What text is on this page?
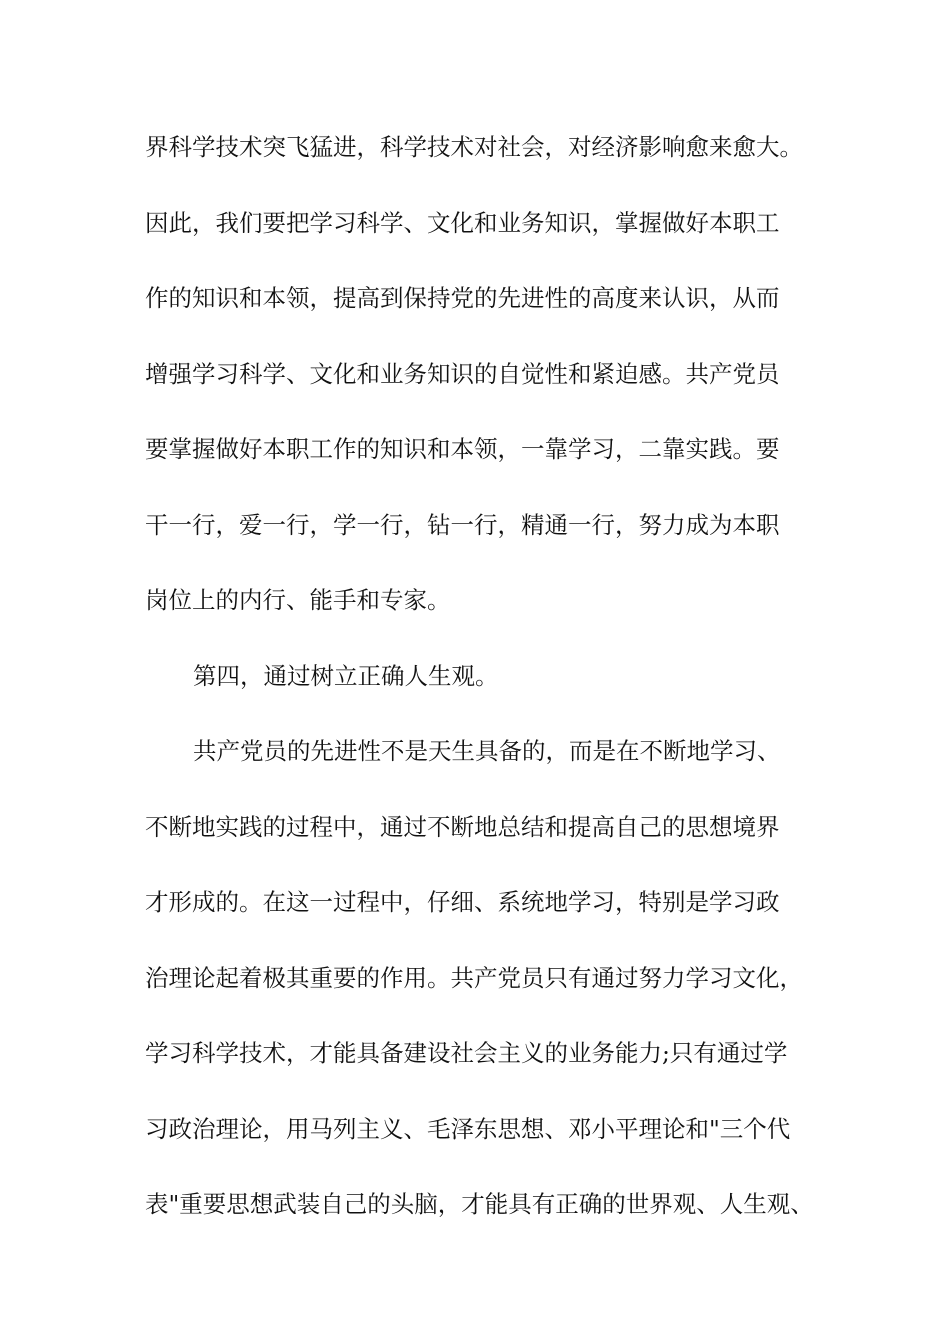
界科学技术突飞猛进，科学技术对社会，对经济影响愈来愈大。
因此，我们要把学习科学、文化和业务知识，掌握做好本职工
作的知识和本领，提高到保持党的先进性的高度来认识，从而
增强学习科学、文化和业务知识的自觉性和紧迫感。共产党员
要掌握做好本职工作的知识和本领，一靠学习，二靠实践。要
干一行，爱一行，学一行，钻一行，精通一行，努力成为本职
岗位上的内行、能手和专家。
第四，通过树立正确人生观。
共产党员的先进性不是天生具备的，而是在不断地学习、
不断地实践的过程中，通过不断地总结和提高自己的思想境界
才形成的。在这一过程中，仔细、系统地学习，特别是学习政
治理论起着极其重要的作用。共产党员只有通过努力学习文化，
学习科学技术，才能具备建设社会主义的业务能力;只有通过学
习政治理论，用马列主义、毛泽东思想、邓小平理论和"三个代
表"重要思想武装自己的头脑，才能具有正确的世界观、人生观、
